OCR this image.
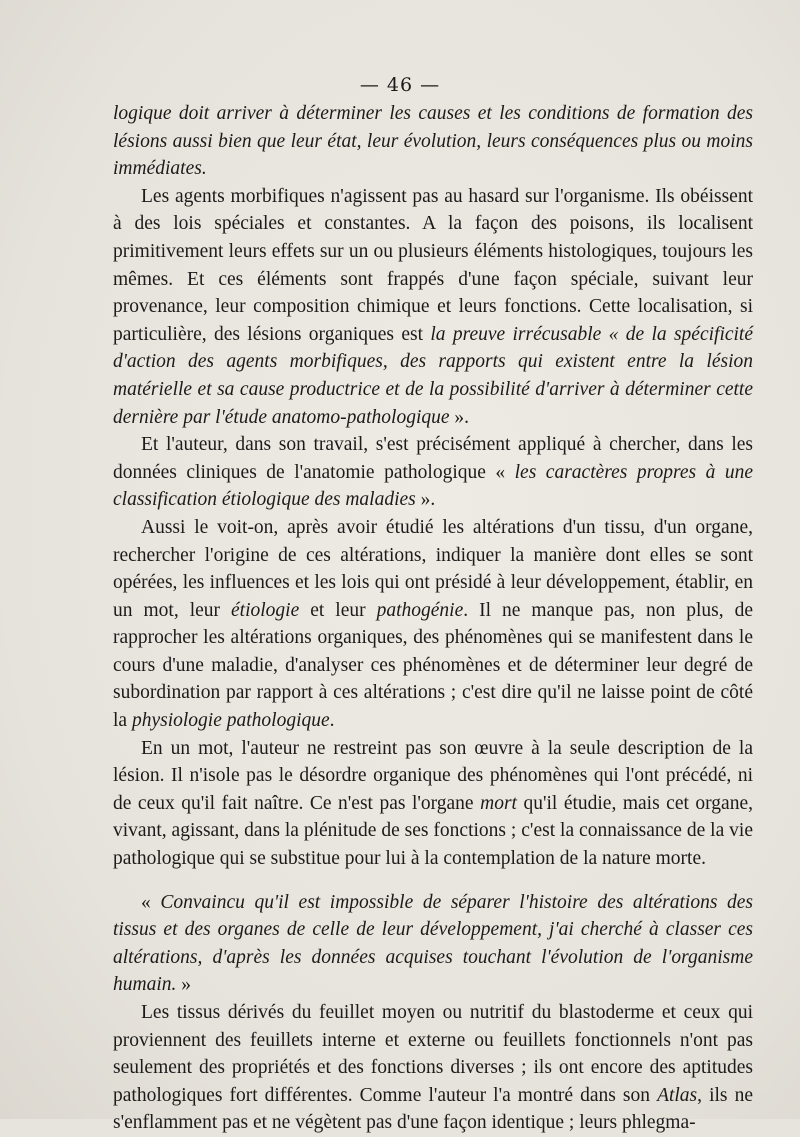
— 46 —

logique doit arriver à déterminer les causes et les conditions de formation des lésions aussi bien que leur état, leur évolution, leurs conséquences plus ou moins immédiates.

Les agents morbifiques n'agissent pas au hasard sur l'organisme. Ils obéissent à des lois spéciales et constantes. A la façon des poisons, ils localisent primitivement leurs effets sur un ou plusieurs éléments histologiques, toujours les mêmes. Et ces éléments sont frappés d'une façon spéciale, suivant leur provenance, leur composition chimique et leurs fonctions. Cette localisation, si particulière, des lésions organiques est la preuve irrécusable « de la spécificité d'action des agents morbifiques, des rapports qui existent entre la lésion matérielle et sa cause productrice et de la possibilité d'arriver à déterminer cette dernière par l'étude anatomo-pathologique ».

Et l'auteur, dans son travail, s'est précisément appliqué à chercher, dans les données cliniques de l'anatomie pathologique « les caractères propres à une classification étiologique des maladies ».

Aussi le voit-on, après avoir étudié les altérations d'un tissu, d'un organe, rechercher l'origine de ces altérations, indiquer la manière dont elles se sont opérées, les influences et les lois qui ont présidé à leur développement, établir, en un mot, leur étiologie et leur pathogénie. Il ne manque pas, non plus, de rapprocher les altérations organiques, des phénomènes qui se manifestent dans le cours d'une maladie, d'analyser ces phénomènes et de déterminer leur degré de subordination par rapport à ces altérations ; c'est dire qu'il ne laisse point de côté la physiologie pathologique.

En un mot, l'auteur ne restreint pas son œuvre à la seule description de la lésion. Il n'isole pas le désordre organique des phénomènes qui l'ont précédé, ni de ceux qu'il fait naître. Ce n'est pas l'organe mort qu'il étudie, mais cet organe, vivant, agissant, dans la plénitude de ses fonctions ; c'est la connaissance de la vie pathologique qui se substitue pour lui à la contemplation de la nature morte.

« Convaincu qu'il est impossible de séparer l'histoire des altérations des tissus et des organes de celle de leur développement, j'ai cherché à classer ces altérations, d'après les données acquises touchant l'évolution de l'organisme humain. »

Les tissus dérivés du feuillet moyen ou nutritif du blastoderme et ceux qui proviennent des feuillets interne et externe ou feuillets fonctionnels n'ont pas seulement des propriétés et des fonctions diverses ; ils ont encore des aptitudes pathologiques fort différentes. Comme l'auteur l'a montré dans son Atlas, ils ne s'enflamment pas et ne végètent pas d'une façon identique ; leurs phlegma-
